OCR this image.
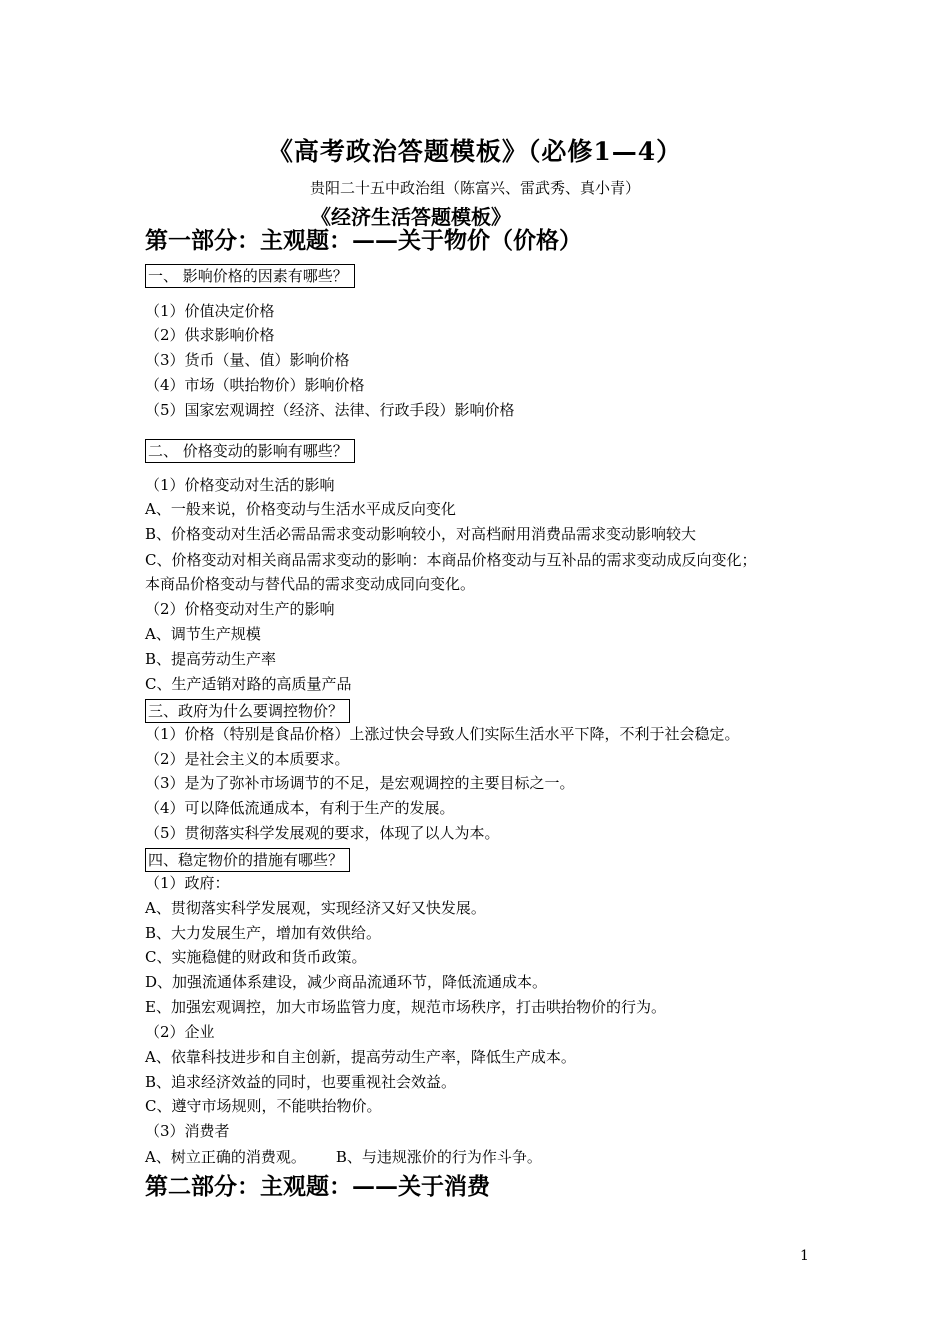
《高考政治答题模板》（必修1—4）
贵阳二十五中政治组（陈富兴、雷武秀、真小青）
《经济生活答题模板》
第一部分：主观题：——关于物价（价格）
一、 影响价格的因素有哪些？
（1）价值决定价格
（2）供求影响价格
（3）货币（量、值）影响价格
（4）市场（哄抬物价）影响价格
（5）国家宏观调控（经济、法律、行政手段）影响价格
二、 价格变动的影响有哪些？
（1）价格变动对生活的影响
A、一般来说，价格变动与生活水平成反向变化
B、价格变动对生活必需品需求变动影响较小，对高档耐用消费品需求变动影响较大
C、价格变动对相关商品需求变动的影响：本商品价格变动与互补品的需求变动成反向变化；
本商品价格变动与替代品的需求变动成同向变化。
（2）价格变动对生产的影响
A、调节生产规模
B、提高劳动生产率
C、生产适销对路的高质量产品
三、政府为什么要调控物价？
（1）价格（特别是食品价格）上涨过快会导致人们实际生活水平下降，不利于社会稳定。
（2）是社会主义的本质要求。
（3）是为了弥补市场调节的不足，是宏观调控的主要目标之一。
（4）可以降低流通成本，有利于生产的发展。
（5）贯彻落实科学发展观的要求，体现了以人为本。
四、稳定物价的措施有哪些？
（1）政府：
A、贯彻落实科学发展观，实现经济又好又快发展。
B、大力发展生产，增加有效供给。
C、实施稳健的财政和货币政策。
D、加强流通体系建设，减少商品流通环节，降低流通成本。
E、加强宏观调控，加大市场监管力度，规范市场秩序，打击哄抬物价的行为。
（2）企业
A、依靠科技进步和自主创新，提高劳动生产率，降低生产成本。
B、追求经济效益的同时，也要重视社会效益。
C、遵守市场规则，不能哄抬物价。
（3）消费者
A、树立正确的消费观。 B、与违规涨价的行为作斗争。
第二部分：主观题：——关于消费
1
